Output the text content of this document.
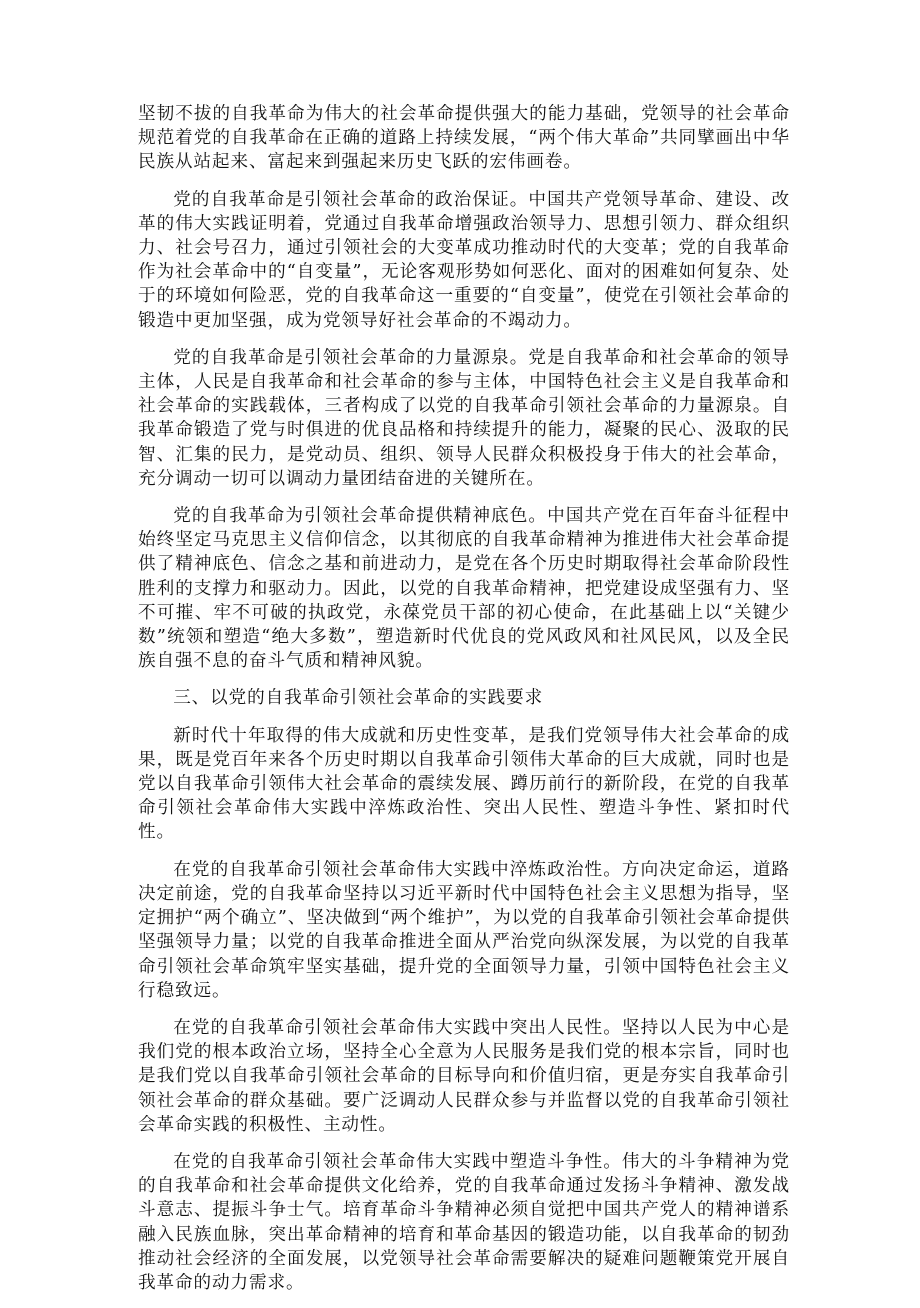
坚韧不拔的自我革命为伟大的社会革命提供强大的能力基础，党领导的社会革命规范着党的自我革命在正确的道路上持续发展，“两个伟大革命”共同擘画出中华民族从站起来、富起来到强起来历史飞跃的宏伟画卷。

党的自我革命是引领社会革命的政治保证。中国共产党领导革命、建设、改革的伟大实践证明着，党通过自我革命增强政治领导力、思想引领力、群众组织力、社会号召力，通过引领社会的大变革成功推动时代的大变革；党的自我革命作为社会革命中的“自变量”，无论客观形势如何恶化、面对的困难如何复杂、处于的环境如何险恶，党的自我革命这一重要的“自变量”，使党在引领社会革命的锻造中更加坚强，成为党领导好社会革命的不竭动力。

党的自我革命是引领社会革命的力量源泉。党是自我革命和社会革命的领导主体，人民是自我革命和社会革命的参与主体，中国特色社会主义是自我革命和社会革命的实践载体，三者构成了以党的自我革命引领社会革命的力量源泉。自我革命锻造了党与时俱进的优良品格和持续提升的能力，凝聚的民心、汲取的民智、汇集的民力，是党动员、组织、领导人民群众积极投身于伟大的社会革命，充分调动一切可以调动力量团结奋进的关键所在。

党的自我革命为引领社会革命提供精神底色。中国共产党在百年奋斗征程中始终坚定马克思主义信仰信念，以其彻底的自我革命精神为推进伟大社会革命提供了精神底色、信念之基和前进动力，是党在各个历史时期取得社会革命阶段性胜利的支撑力和驱动力。因此，以党的自我革命精神，把党建设成坚强有力、坚不可摧、牢不可破的执政党，永葆党员干部的初心使命，在此基础上以“关键少数”统领和塑造“绝大多数”，塑造新时代优良的党风政风和社风民风，以及全民族自强不息的奋斗气质和精神风貌。

三、以党的自我革命引领社会革命的实践要求

新时代十年取得的伟大成就和历史性变革，是我们党领导伟大社会革命的成果，既是党百年来各个历史时期以自我革命引领伟大革命的巨大成就，同时也是党以自我革命引领伟大社会革命的震续发展、蹲历前行的新阶段，在党的自我革命引领社会革命伟大实践中淬炼政治性、突出人民性、塑造斗争性、紧扣时代性。

在党的自我革命引领社会革命伟大实践中淬炼政治性。方向决定命运，道路决定前途，党的自我革命坚持以习近平新时代中国特色社会主义思想为指导，坚定拥护“两个确立”、坚决做到“两个维护”，为以党的自我革命引领社会革命提供坚强领导力量；以党的自我革命推进全面从严治党向纵深发展，为以党的自我革命引领社会革命筑牢坚实基础，提升党的全面领导力量，引领中国特色社会主义行稳致远。

在党的自我革命引领社会革命伟大实践中突出人民性。坚持以人民为中心是我们党的根本政治立场，坚持全心全意为人民服务是我们党的根本宗旨，同时也是我们党以自我革命引领社会革命的目标导向和价值归宿，更是夯实自我革命引领社会革命的群众基础。要广泛调动人民群众参与并监督以党的自我革命引领社会革命实践的积极性、主动性。

在党的自我革命引领社会革命伟大实践中塑造斗争性。伟大的斗争精神为党的自我革命和社会革命提供文化给养，党的自我革命通过发扬斗争精神、激发战斗意志、提振斗争士气。培育革命斗争精神必须自觉把中国共产党人的精神谱系融入民族血脉，突出革命精神的培育和革命基因的锻造功能，以自我革命的韧劲推动社会经济的全面发展，以党领导社会革命需要解决的疑难问题鞭策党开展自我革命的动力需求。
